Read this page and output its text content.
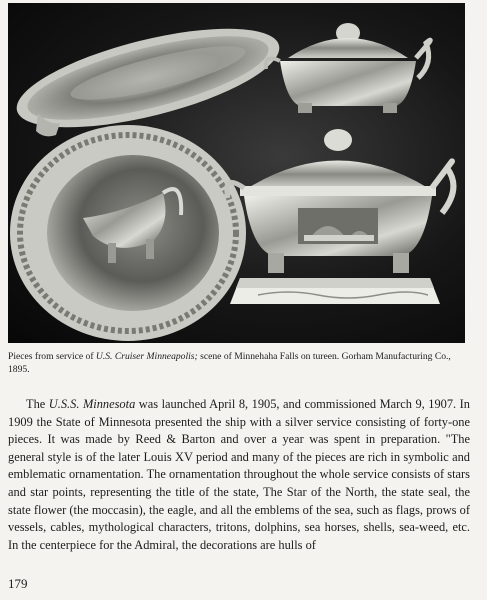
Pieces from service of U.S. Cruiser Minneapolis; scene of Minnehaha Falls on tureen. Gorham Manufacturing Co., 1895.

The U.S.S. Minnesota was launched April 8, 1905, and commissioned March 9, 1907. In 1909 the State of Minnesota presented the ship with a silver service consisting of forty-one pieces. It was made by Reed & Barton and over a year was spent in preparation. "The general style is of the later Louis XV period and many of the pieces are rich in symbolic and emblematic ornamentation. The ornamentation throughout the whole service consists of stars and star points, representing the title of the state, The Star of the North, the state seal, the state flower (the moccasin), the eagle, and all the emblems of the sea, such as flags, prows of vessels, cables, mythological characters, tritons, dolphins, sea horses, shells, sea-weed, etc. In the centerpiece for the Admiral, the decorations are hulls of

179
